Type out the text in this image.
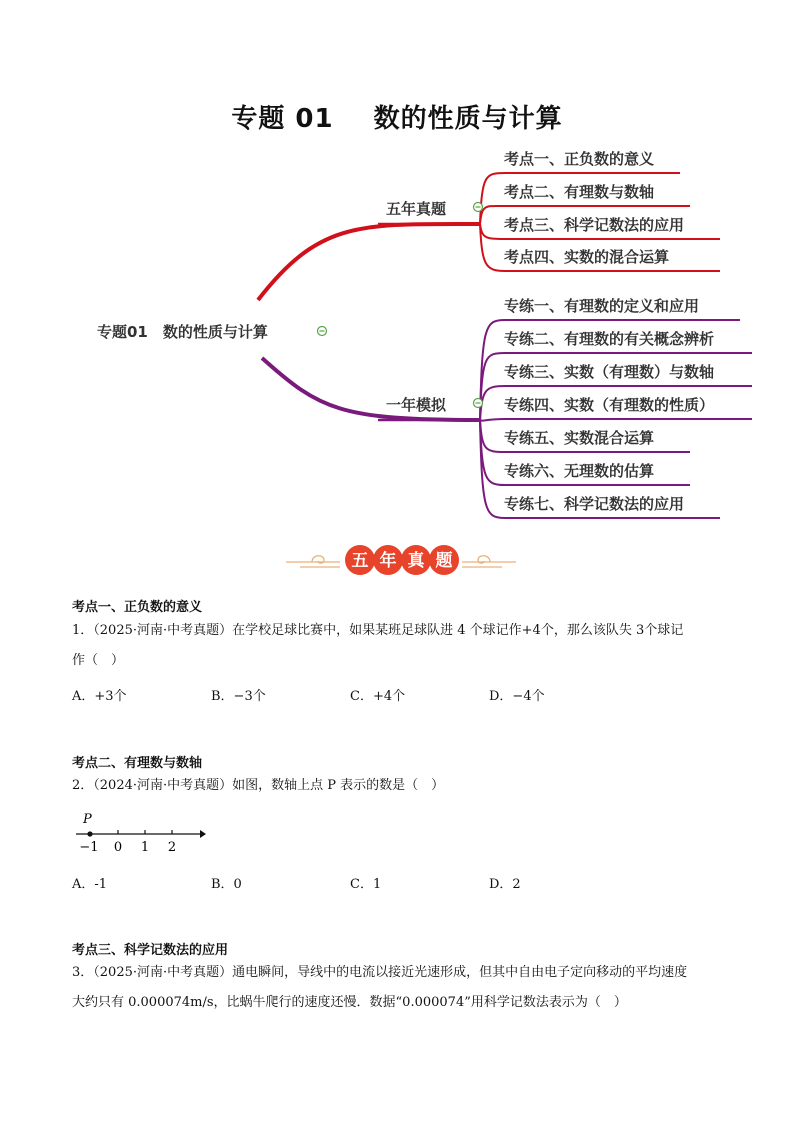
专题 01 数的性质与计算
专题01　数的性质与计算
五年真题
一年模拟
考点一、正负数的意义
考点二、有理数与数轴
考点三、科学记数法的应用
考点四、实数的混合运算
专练一、有理数的定义和应用
专练二、有理数的有关概念辨析
专练三、实数（有理数）与数轴
专练四、实数（有理数的性质）
专练五、实数混合运算
专练六、无理数的估算
专练七、科学记数法的应用
五 年 真 题
考点一、正负数的意义
1．（2025·河南·中考真题）在学校足球比赛中，如果某班足球队进 4 个球记作+4个，那么该队失 3个球记
作（　）
A．+3个	B．−3个	C．+4个	D．−4个
考点二、有理数与数轴
2．（2024·河南·中考真题）如图，数轴上点 P 表示的数是（　）
P
−1 0 1 2
A．-1	B．0	C．1	D．2
考点三、科学记数法的应用
3．（2025·河南·中考真题）通电瞬间，导线中的电流以接近光速形成，但其中自由电子定向移动的平均速度
大约只有 0.000074m/s，比蜗牛爬行的速度还慢．数据“0.000074”用科学记数法表示为（　）
